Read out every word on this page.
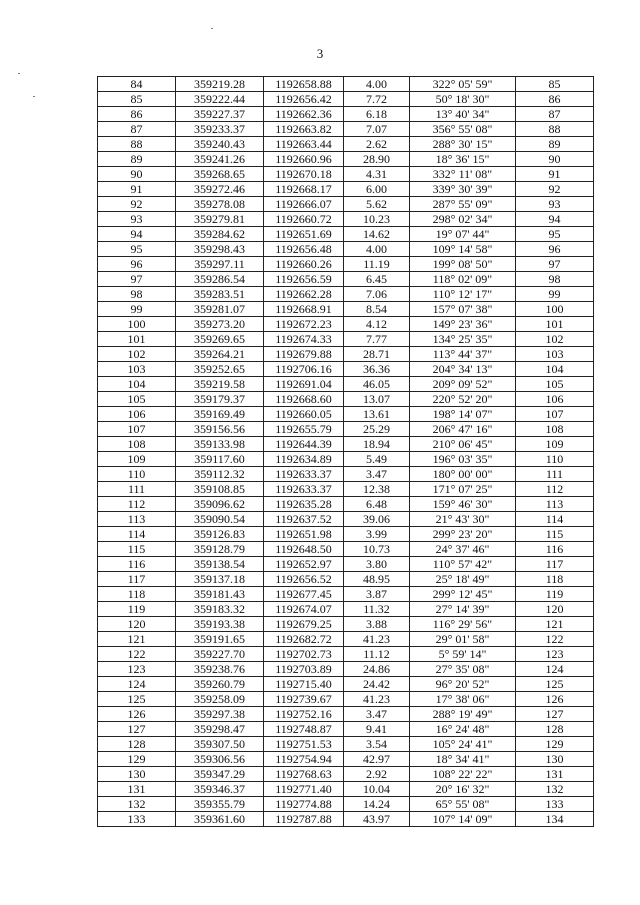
3
84	359219.28	1192658.88	4.00	322° 05' 59"	85
85	359222.44	1192656.42	7.72	50° 18' 30"	86
86	359227.37	1192662.36	6.18	13° 40' 34"	87
87	359233.37	1192663.82	7.07	356° 55' 08"	88
88	359240.43	1192663.44	2.62	288° 30' 15"	89
89	359241.26	1192660.96	28.90	18° 36' 15"	90
90	359268.65	1192670.18	4.31	332° 11' 08"	91
91	359272.46	1192668.17	6.00	339° 30' 39"	92
92	359278.08	1192666.07	5.62	287° 55' 09"	93
93	359279.81	1192660.72	10.23	298° 02' 34"	94
94	359284.62	1192651.69	14.62	19° 07' 44"	95
95	359298.43	1192656.48	4.00	109° 14' 58"	96
96	359297.11	1192660.26	11.19	199° 08' 50"	97
97	359286.54	1192656.59	6.45	118° 02' 09"	98
98	359283.51	1192662.28	7.06	110° 12' 17"	99
99	359281.07	1192668.91	8.54	157° 07' 38"	100
100	359273.20	1192672.23	4.12	149° 23' 36"	101
101	359269.65	1192674.33	7.77	134° 25' 35"	102
102	359264.21	1192679.88	28.71	113° 44' 37"	103
103	359252.65	1192706.16	36.36	204° 34' 13"	104
104	359219.58	1192691.04	46.05	209° 09' 52"	105
105	359179.37	1192668.60	13.07	220° 52' 20"	106
106	359169.49	1192660.05	13.61	198° 14' 07"	107
107	359156.56	1192655.79	25.29	206° 47' 16"	108
108	359133.98	1192644.39	18.94	210° 06' 45"	109
109	359117.60	1192634.89	5.49	196° 03' 35"	110
110	359112.32	1192633.37	3.47	180° 00' 00"	111
111	359108.85	1192633.37	12.38	171° 07' 25"	112
112	359096.62	1192635.28	6.48	159° 46' 30"	113
113	359090.54	1192637.52	39.06	21° 43' 30"	114
114	359126.83	1192651.98	3.99	299° 23' 20"	115
115	359128.79	1192648.50	10.73	24° 37' 46"	116
116	359138.54	1192652.97	3.80	110° 57' 42"	117
117	359137.18	1192656.52	48.95	25° 18' 49"	118
118	359181.43	1192677.45	3.87	299° 12' 45"	119
119	359183.32	1192674.07	11.32	27° 14' 39"	120
120	359193.38	1192679.25	3.88	116° 29' 56"	121
121	359191.65	1192682.72	41.23	29° 01' 58"	122
122	359227.70	1192702.73	11.12	5° 59' 14"	123
123	359238.76	1192703.89	24.86	27° 35' 08"	124
124	359260.79	1192715.40	24.42	96° 20' 52"	125
125	359258.09	1192739.67	41.23	17° 38' 06"	126
126	359297.38	1192752.16	3.47	288° 19' 49"	127
127	359298.47	1192748.87	9.41	16° 24' 48"	128
128	359307.50	1192751.53	3.54	105° 24' 41"	129
129	359306.56	1192754.94	42.97	18° 34' 41"	130
130	359347.29	1192768.63	2.92	108° 22' 22"	131
131	359346.37	1192771.40	10.04	20° 16' 32"	132
132	359355.79	1192774.88	14.24	65° 55' 08"	133
133	359361.60	1192787.88	43.97	107° 14' 09"	134
